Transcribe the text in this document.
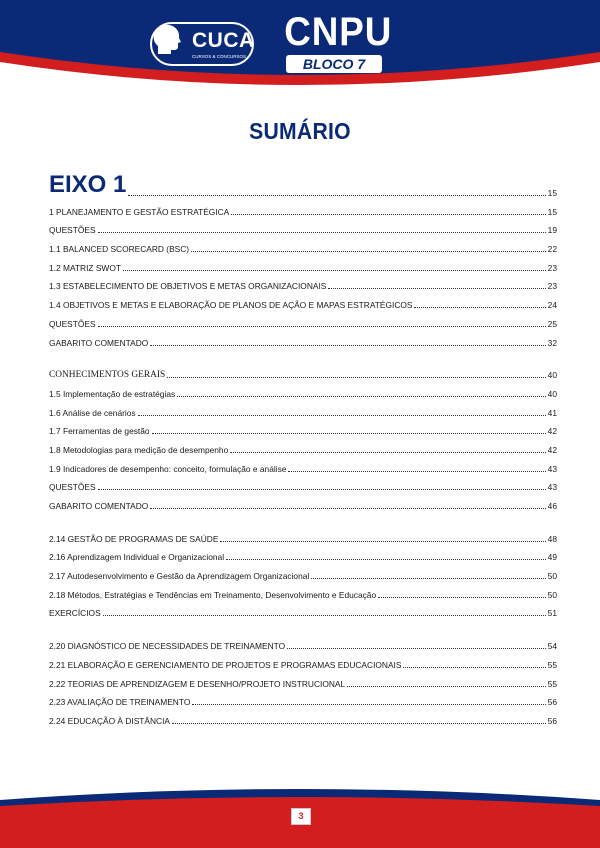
CUCA
CURSOS & CONCURSOS
CNPU
BLOCO 7
SUMÁRIO
EIXO 1	15
1 PLANEJAMENTO E GESTÃO ESTRATÉGICA	15
QUESTÕES	19
1.1 BALANCED SCORECARD (BSC)	22
1.2 MATRIZ SWOT	23
1.3 ESTABELECIMENTO DE OBJETIVOS E METAS ORGANIZACIONAIS	23
1.4 OBJETIVOS E METAS E ELABORAÇÃO DE PLANOS DE AÇÃO E MAPAS ESTRATÉGICOS	24
QUESTÕES	25
GABARITO COMENTADO	32
CONHECIMENTOS GERAIS	40
1.5 Implementação de estratégias	40
1.6 Análise de cenários	41
1.7 Ferramentas de gestão	42
1.8 Metodologias para medição de desempenho	42
1.9 Indicadores de desempenho: conceito, formulação e análise	43
QUESTÕES	43
GABARITO COMENTADO	46
2.14 GESTÃO DE PROGRAMAS DE SAÚDE	48
2.16 Aprendizagem Individual e Organizacional	49
2.17 Autodesenvolvimento e Gestão da Aprendizagem Organizacional	50
2.18 Métodos, Estratégias e Tendências em Treinamento, Desenvolvimento e Educação	50
EXERCÍCIOS	51
2.20 DIAGNÓSTICO DE NECESSIDADES DE TREINAMENTO	54
2.21 ELABORAÇÃO E GERENCIAMENTO DE PROJETOS E PROGRAMAS EDUCACIONAIS	55
2.22 TEORIAS DE APRENDIZAGEM E DESENHO/PROJETO INSTRUCIONAL	55
2.23 AVALIAÇÃO DE TREINAMENTO	56
2.24 EDUCAÇÃO À DISTÂNCIA	56
3
